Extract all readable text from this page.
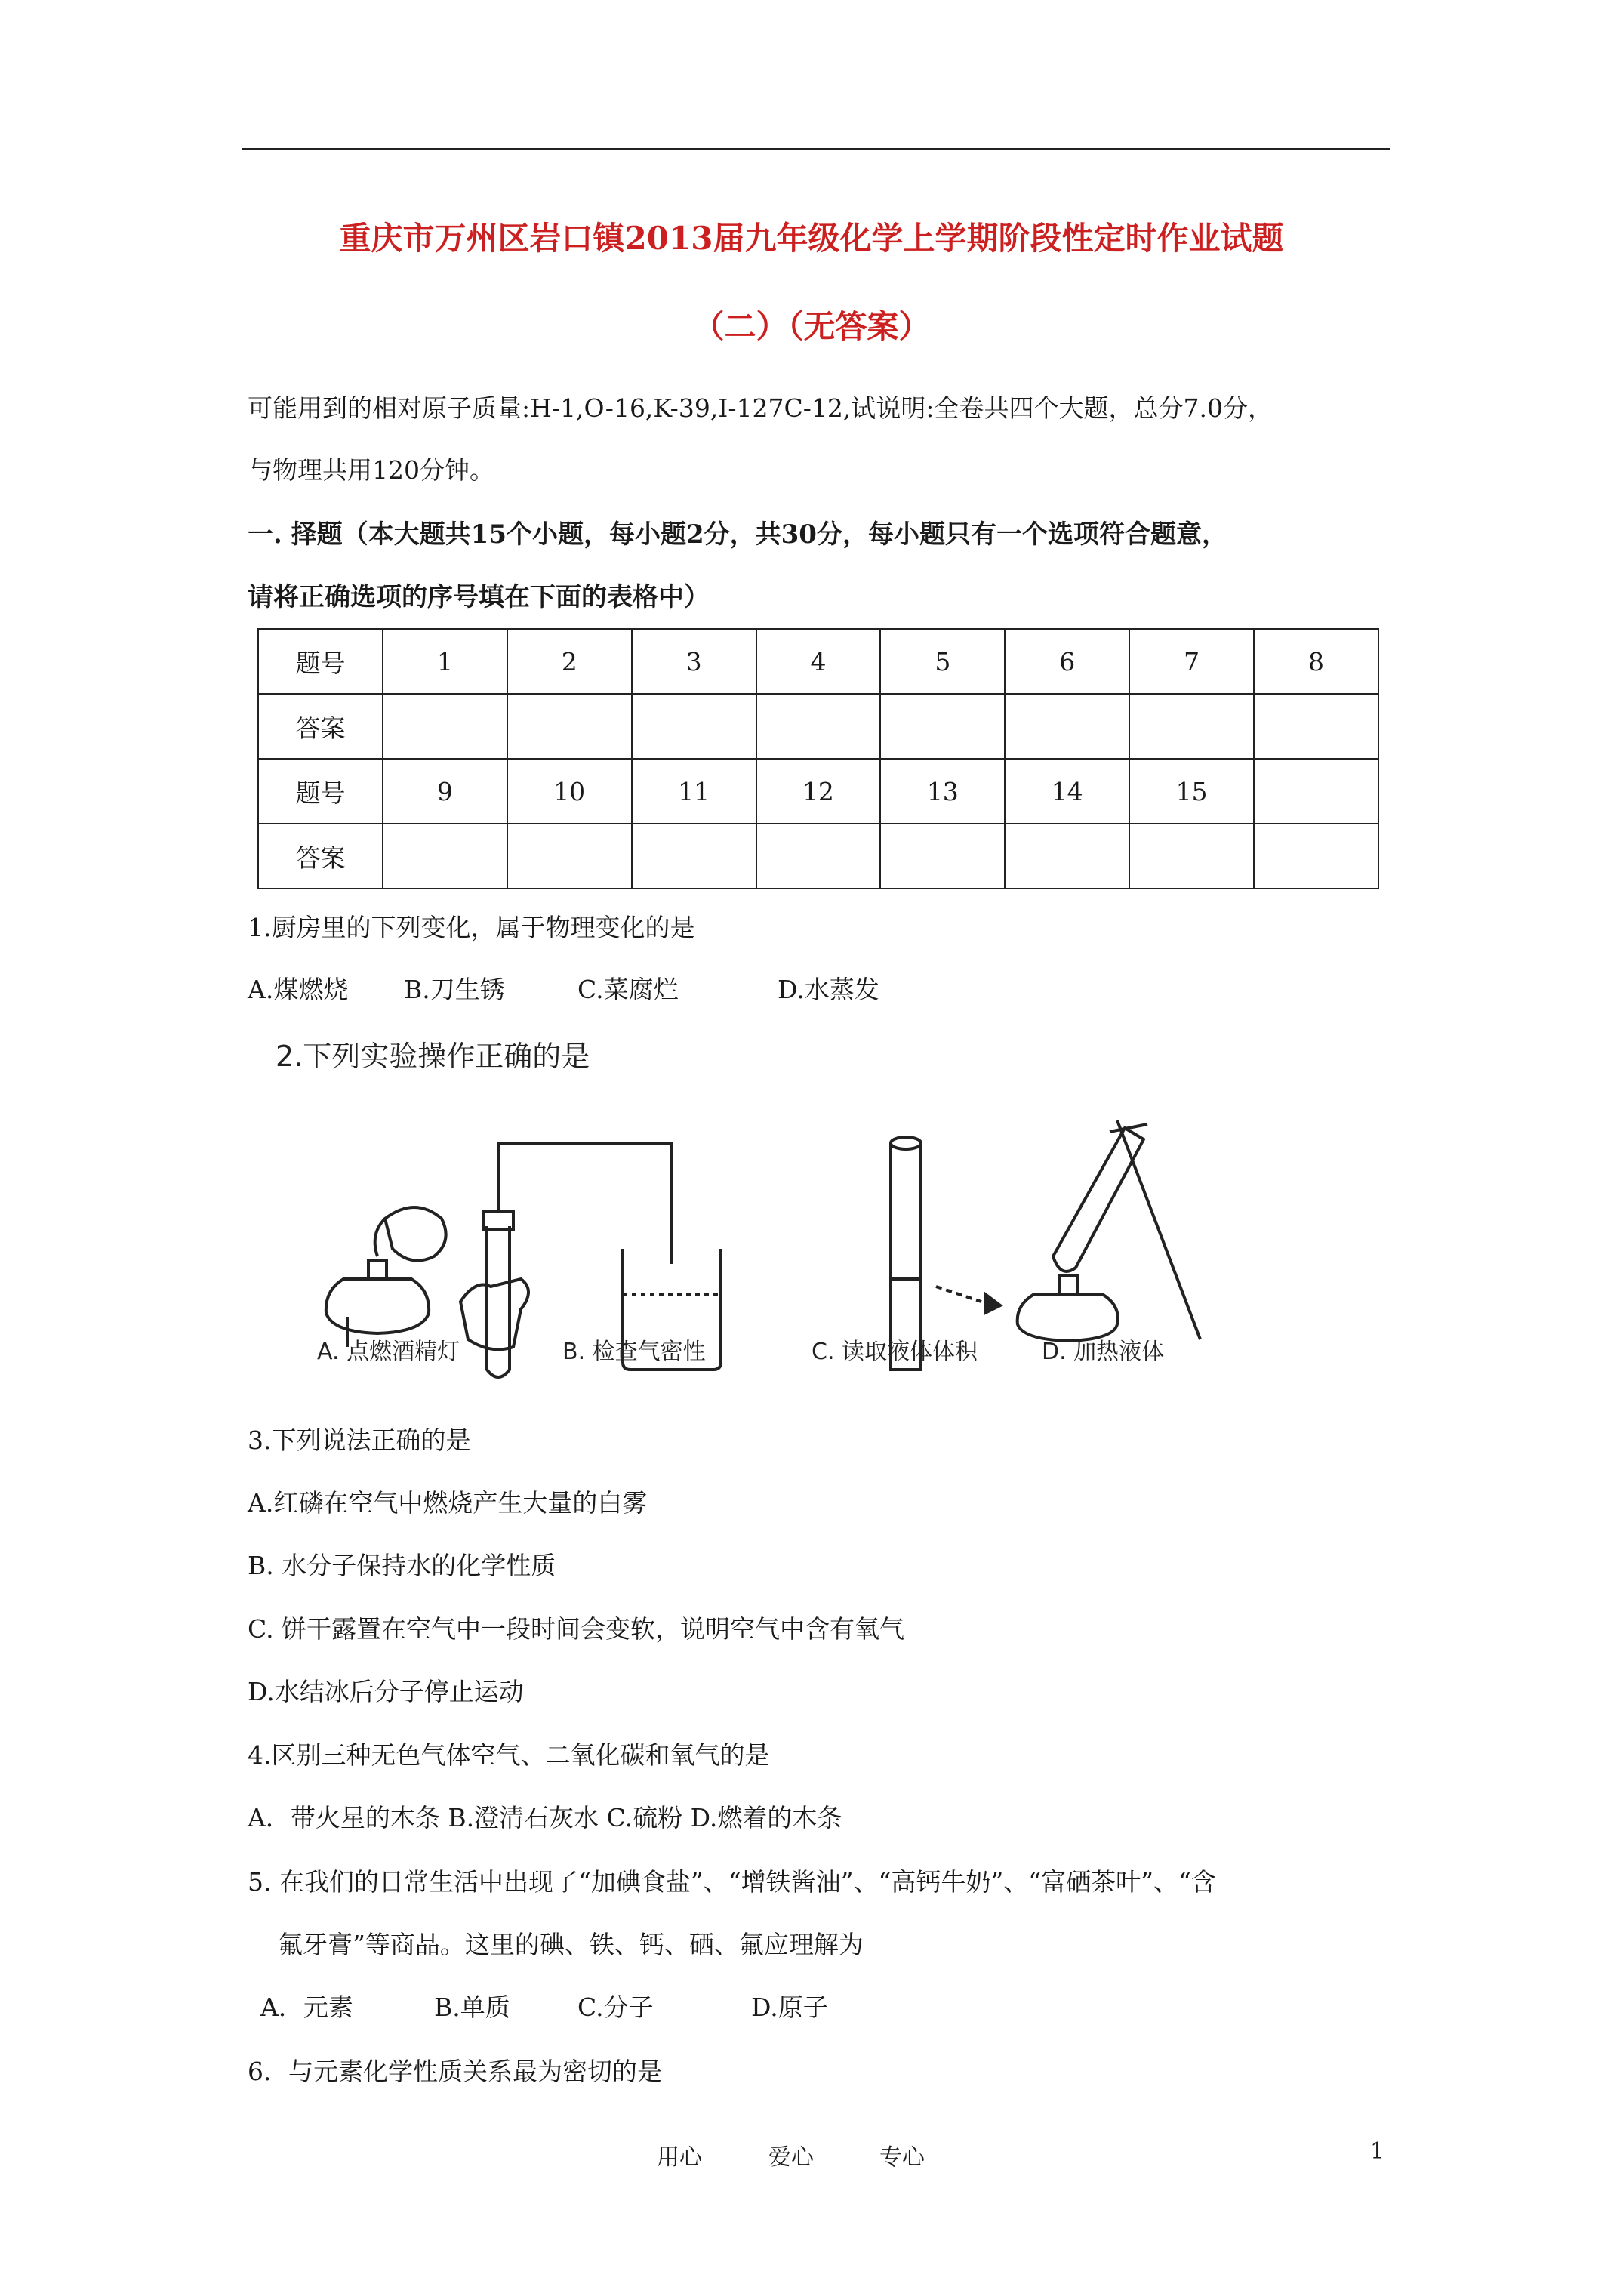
重庆市万州区岩口镇2013届九年级化学上学期阶段性定时作业试题
（二）（无答案）
可能用到的相对原子质量:H-1,O-16,K-39,I-127C-12,试说明:全卷共四个大题，总分7.0分，
与物理共用120分钟。
一. 择题（本大题共15个小题，每小题2分，共30分，每小题只有一个选项符合题意，
请将正确选项的序号填在下面的表格中）
题号	1	2	3	4	5	6	7	8
答案								
题号	9	10	11	12	13	14	15	
答案								
1.厨房里的下列变化，属于物理变化的是
A.煤燃烧 B.刀生锈	C.菜腐烂	D.水蒸发
2.下列实验操作正确的是
A. 点燃酒精灯	B. 检查气密性	C. 读取液体体积	D. 加热液体
3.下列说法正确的是
A.红磷在空气中燃烧产生大量的白雾
B. 水分子保持水的化学性质
C. 饼干露置在空气中一段时间会变软，说明空气中含有氧气
D.水结冰后分子停止运动
4.区别三种无色气体空气、二氧化碳和氧气的是
A．带火星的木条 B.澄清石灰水 C.硫粉 D.燃着的木条
5. 在我们的日常生活中出现了“加碘食盐”、“增铁酱油”、“高钙牛奶”、“富硒茶叶”、“含
氟牙膏”等商品。这里的碘、铁、钙、硒、氟应理解为
A．元素	B.单质	C.分子	D.原子
6．与元素化学性质关系最为密切的是
用心	爱心	专心	1
